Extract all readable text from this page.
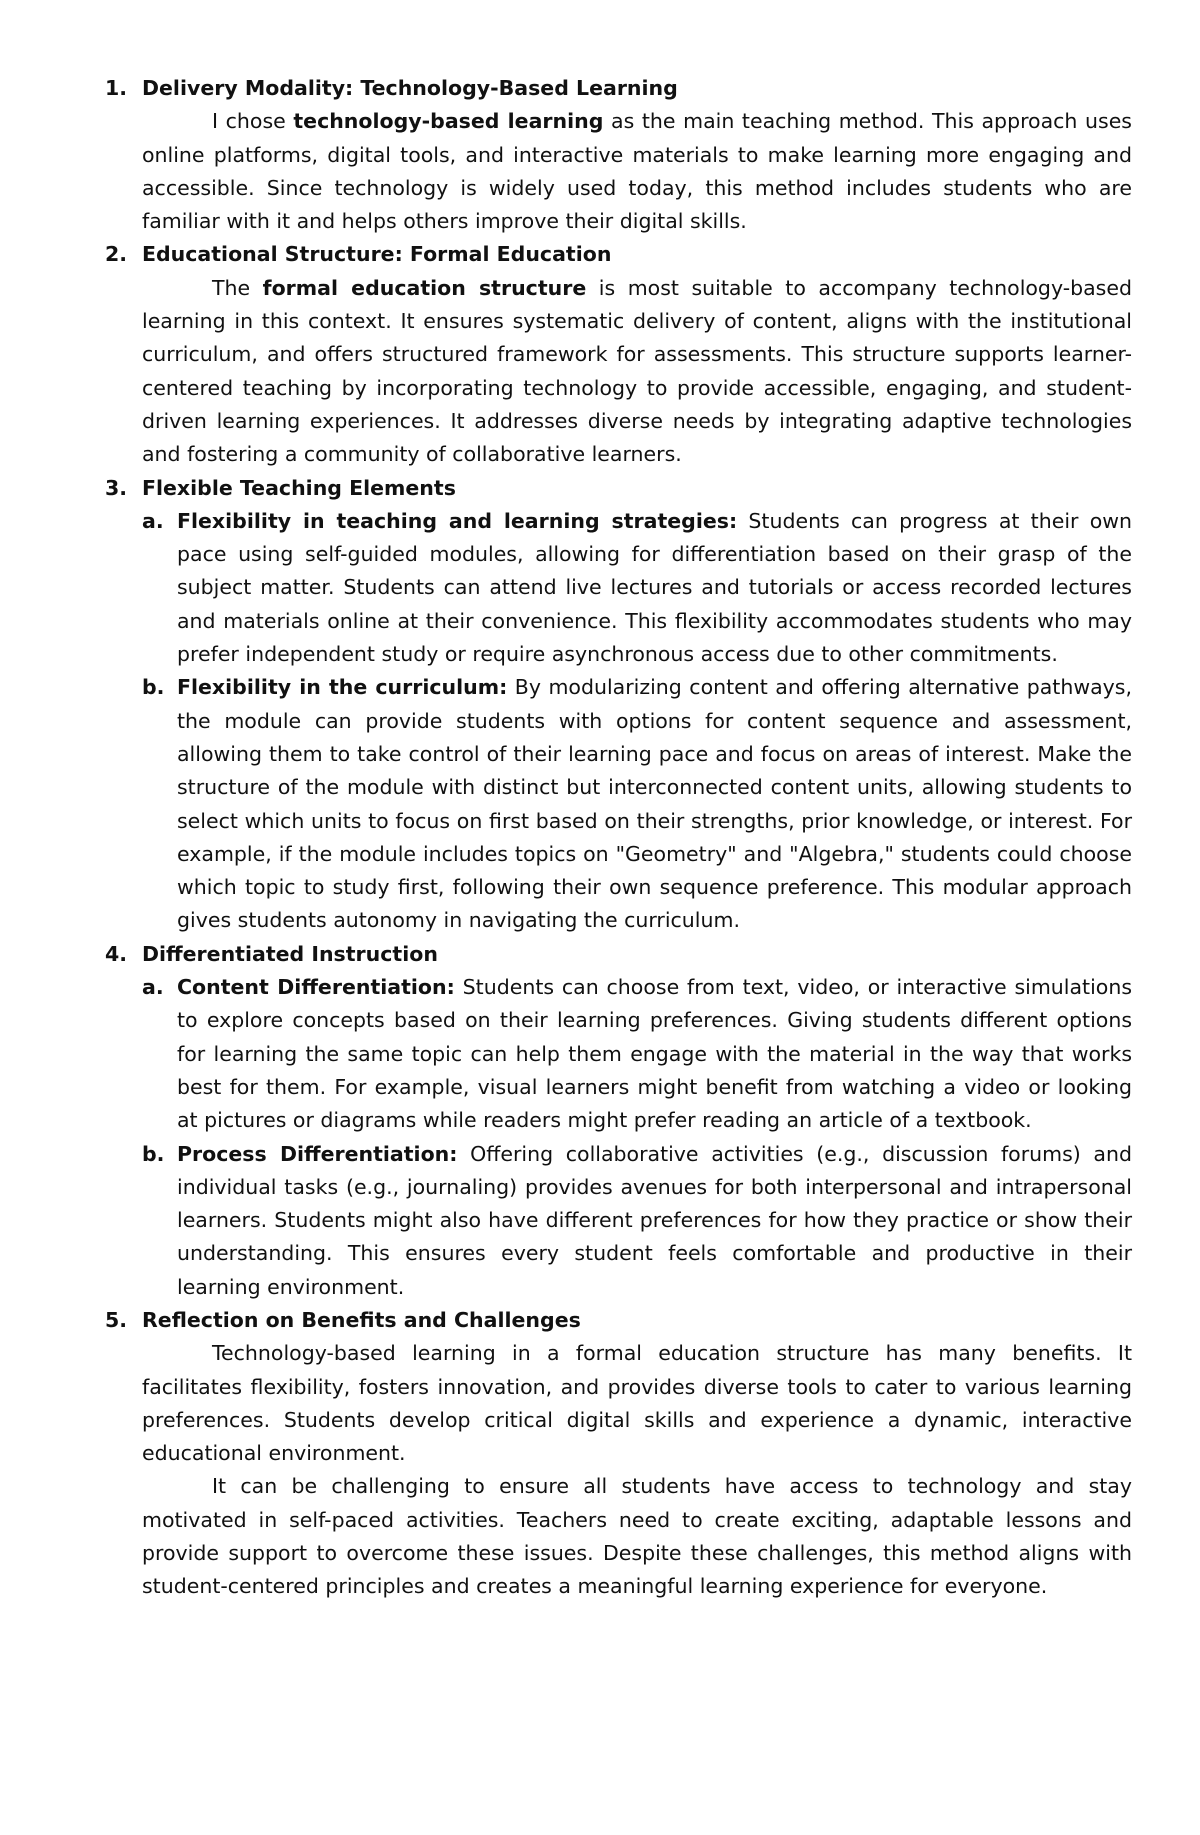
1. Delivery Modality: Technology-Based Learning

I chose technology-based learning as the main teaching method. This approach uses online platforms, digital tools, and interactive materials to make learning more engaging and accessible. Since technology is widely used today, this method includes students who are familiar with it and helps others improve their digital skills.

2. Educational Structure: Formal Education

The formal education structure is most suitable to accompany technology-based learning in this context. It ensures systematic delivery of content, aligns with the institutional curriculum, and offers structured framework for assessments. This structure supports learner-centered teaching by incorporating technology to provide accessible, engaging, and student-driven learning experiences. It addresses diverse needs by integrating adaptive technologies and fostering a community of collaborative learners.

3. Flexible Teaching Elements

a. Flexibility in teaching and learning strategies: Students can progress at their own pace using self-guided modules, allowing for differentiation based on their grasp of the subject matter. Students can attend live lectures and tutorials or access recorded lectures and materials online at their convenience. This flexibility accommodates students who may prefer independent study or require asynchronous access due to other commitments.

b. Flexibility in the curriculum: By modularizing content and offering alternative pathways, the module can provide students with options for content sequence and assessment, allowing them to take control of their learning pace and focus on areas of interest. Make the structure of the module with distinct but interconnected content units, allowing students to select which units to focus on first based on their strengths, prior knowledge, or interest. For example, if the module includes topics on "Geometry" and "Algebra," students could choose which topic to study first, following their own sequence preference. This modular approach gives students autonomy in navigating the curriculum.

4. Differentiated Instruction

a. Content Differentiation: Students can choose from text, video, or interactive simulations to explore concepts based on their learning preferences. Giving students different options for learning the same topic can help them engage with the material in the way that works best for them. For example, visual learners might benefit from watching a video or looking at pictures or diagrams while readers might prefer reading an article of a textbook.

b. Process Differentiation: Offering collaborative activities (e.g., discussion forums) and individual tasks (e.g., journaling) provides avenues for both interpersonal and intrapersonal learners. Students might also have different preferences for how they practice or show their understanding. This ensures every student feels comfortable and productive in their learning environment.

5. Reflection on Benefits and Challenges

Technology-based learning in a formal education structure has many benefits. It facilitates flexibility, fosters innovation, and provides diverse tools to cater to various learning preferences. Students develop critical digital skills and experience a dynamic, interactive educational environment.

It can be challenging to ensure all students have access to technology and stay motivated in self-paced activities. Teachers need to create exciting, adaptable lessons and provide support to overcome these issues. Despite these challenges, this method aligns with student-centered principles and creates a meaningful learning experience for everyone.
